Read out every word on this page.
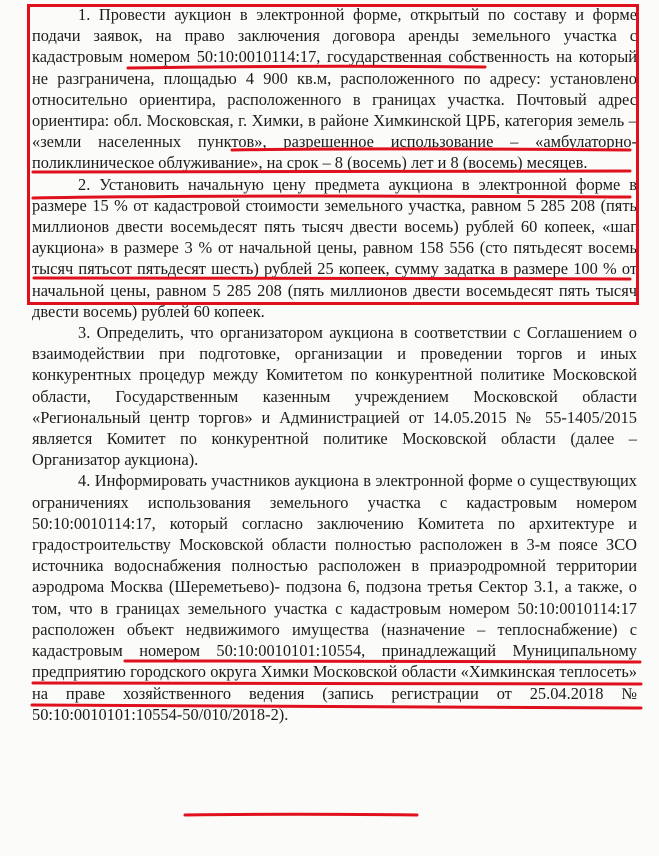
1. Провести аукцион в электронной форме, открытый по составу и форме подачи заявок, на право заключения договора аренды земельного участка с кадастровым номером 50:10:0010114:17, государственная собственность на который не разграничена, площадью 4 900 кв.м, расположенного по адресу: установлено относительно ориентира, расположенного в границах участка. Почтовый адрес ориентира: обл. Московская, г. Химки, в районе Химкинской ЦРБ, категория земель – «земли населенных пунктов», разрешенное использование – «амбулаторно-поликлиническое облуживание», на срок – 8 (восемь) лет и 8 (восемь) месяцев.

2. Установить начальную цену предмета аукциона в электронной форме в размере 15 % от кадастровой стоимости земельного участка, равном 5 285 208 (пять миллионов двести восемьдесят пять тысяч двести восемь) рублей 60 копеек, «шаг аукциона» в размере 3 % от начальной цены, равном 158 556 (сто пятьдесят восемь тысяч пятьсот пятьдесят шесть) рублей 25 копеек, сумму задатка в размере 100 % от начальной цены, равном 5 285 208 (пять миллионов двести восемьдесят пять тысяч двести восемь) рублей 60 копеек.

3. Определить, что организатором аукциона в соответствии с Соглашением о взаимодействии при подготовке, организации и проведении торгов и иных конкурентных процедур между Комитетом по конкурентной политике Московской области, Государственным казенным учреждением Московской области «Региональный центр торгов» и Администрацией от 14.05.2015 № 55-1405/2015 является Комитет по конкурентной политике Московской области (далее – Организатор аукциона).

4. Информировать участников аукциона в электронной форме о существующих ограничениях использования земельного участка с кадастровым номером 50:10:0010114:17, который согласно заключению Комитета по архитектуре и градостроительству Московской области полностью расположен в 3-м поясе ЗСО источника водоснабжения полностью расположен в приаэродромной территории аэродрома Москва (Шереметьево)- подзона 6, подзона третья Сектор 3.1, а также, о том, что в границах земельного участка с кадастровым номером 50:10:0010114:17 расположен объект недвижимого имущества (назначение – теплоснабжение) с кадастровым номером 50:10:0010101:10554, принадлежащий Муниципальному предприятию городского округа Химки Московской области «Химкинская теплосеть» на праве хозяйственного ведения (запись регистрации от 25.04.2018 № 50:10:0010101:10554-50/010/2018-2).
